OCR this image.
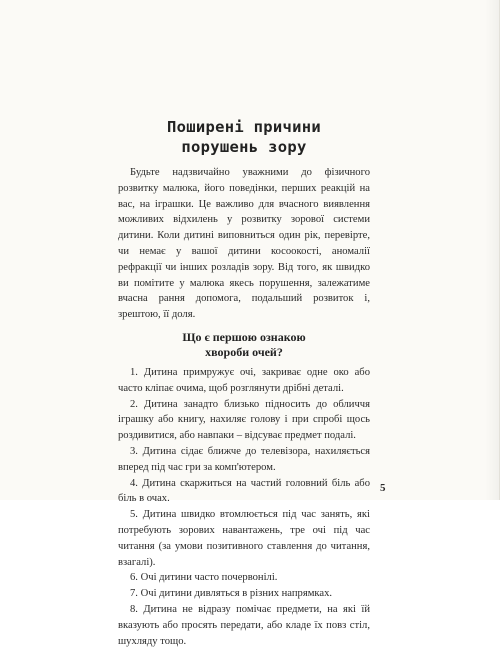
Поширені причини
порушень зору

Будьте надзвичайно уважними до фізичного розвитку малюка, його поведінки, перших реакцій на вас, на іграшки. Це важливо для вчасного виявлення можливих відхилень у розвитку зорової системи дитини. Коли дитині виповниться один рік, перевірте, чи немає у вашої дитини косоокості, аномалії рефракції чи інших розладів зору. Від того, як швидко ви помітите у малюка якесь порушення, залежатиме вчасна рання допомога, подальший розвиток і, зрештою, її доля.

Що є першою ознакою
хвороби очей?
1. Дитина примружує очі, закриває одне око або часто кліпає очима, щоб розглянути дрібні деталі.
2. Дитина занадто близько підносить до обличчя іграшку або книгу, нахиляє голову і при спробі щось роздивитися, або навпаки – відсуває предмет подалі.
3. Дитина сідає ближче до телевізора, нахиляється вперед під час гри за комп'ютером.
4. Дитина скаржиться на частий головний біль або біль в очах.
5. Дитина швидко втомлюється під час занять, які потребують зорових навантажень, тре очі під час читання (за умови позитивного ставлення до читання, взагалі).
6. Очі дитини часто почервонілі.
7. Очі дитини дивляться в різних напрямках.
8. Дитина не відразу помічає предмети, на які їй вказують або просять передати, або кладе їх повз стіл, шухляду тощо.
5
